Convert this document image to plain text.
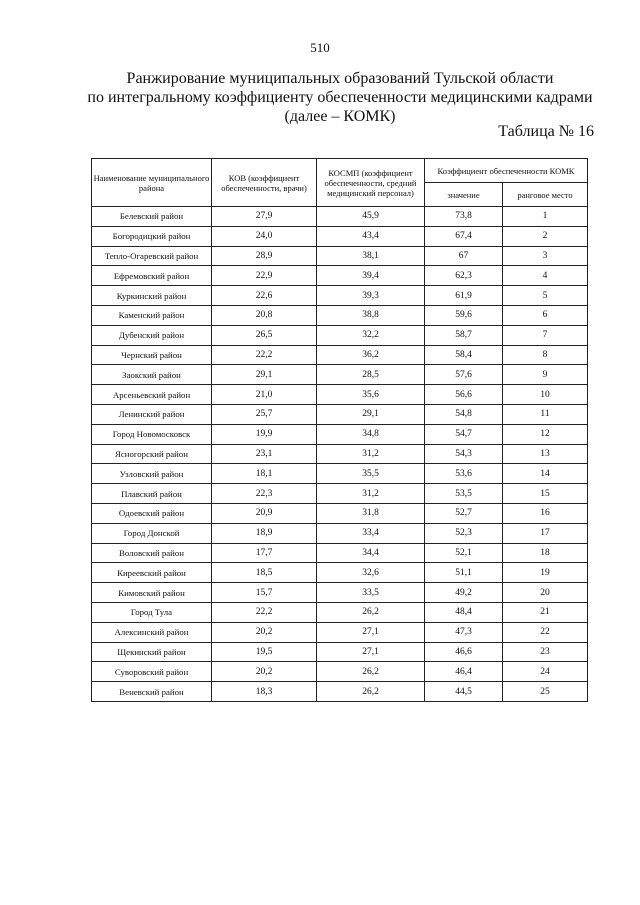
510
Ранжирование муниципальных образований Тульской области
по интегральному коэффициенту обеспеченности медицинскими кадрами
(далее – КОМК)
Таблица № 16
Наименование муниципального района	КОВ (коэффициент обеспеченности, врачи)	КОСМП (коэффициент обеспеченности, средний медицинский персонал)	Коэффициент обеспеченности КОМК	
			значение	ранговое место
Белевский район	27,9	45,9	73,8	1
Богородицкий район	24,0	43,4	67,4	2
Тепло-Огаревский район	28,9	38,1	67	3
Ефремовский район	22,9	39,4	62,3	4
Куркинский район	22,6	39,3	61,9	5
Каменский район	20,8	38,8	59,6	6
Дубенский район	26,5	32,2	58,7	7
Чернский район	22,2	36,2	58,4	8
Заокский район	29,1	28,5	57,6	9
Арсеньевский район	21,0	35,6	56,6	10
Ленинский район	25,7	29,1	54,8	11
Город Новомосковск	19,9	34,8	54,7	12
Ясногорский район	23,1	31,2	54,3	13
Узловский район	18,1	35,5	53,6	14
Плавский район	22,3	31,2	53,5	15
Одоевский район	20,9	31,8	52,7	16
Город Донской	18,9	33,4	52,3	17
Воловский район	17,7	34,4	52,1	18
Киреевский район	18,5	32,6	51,1	19
Кимовский район	15,7	33,5	49,2	20
Город Тула	22,2	26,2	48,4	21
Алексинский район	20,2	27,1	47,3	22
Щекинский район	19,5	27,1	46,6	23
Суворовский район	20,2	26,2	46,4	24
Веневский район	18,3	26,2	44,5	25
